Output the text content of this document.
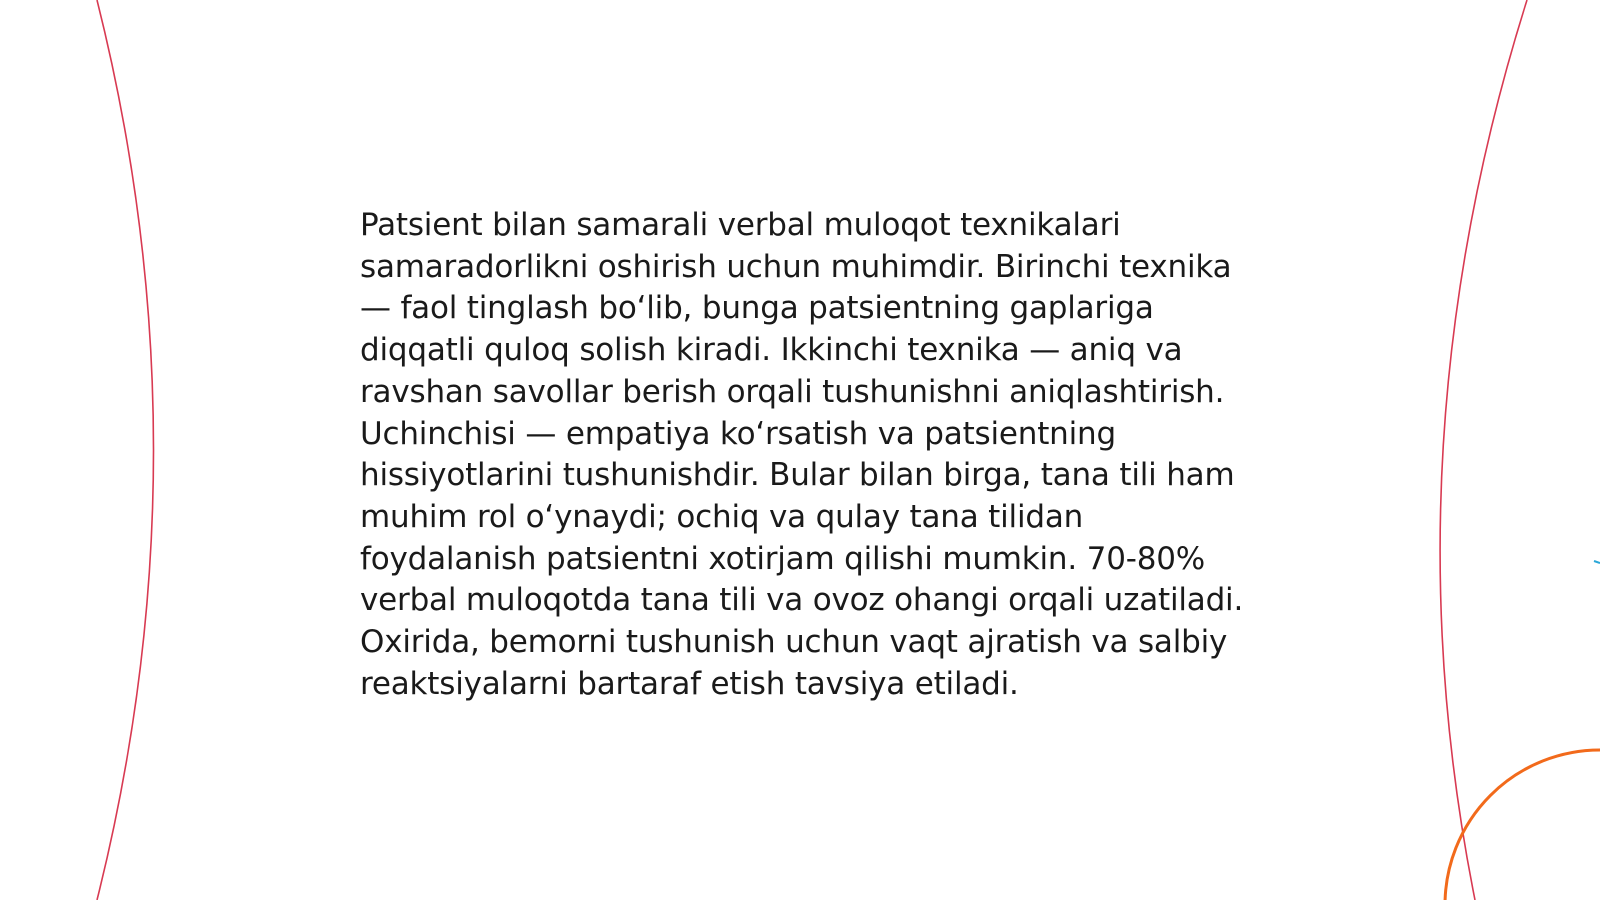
Patsient bilan samarali verbal muloqot texnikalari samaradorlikni oshirish uchun muhimdir. Birinchi texnika — faol tinglash bo‘lib, bunga patsientning gaplariga diqqatli quloq solish kiradi. Ikkinchi texnika — aniq va ravshan savollar berish orqali tushunishni aniqlashtirish. Uchinchisi — empatiya ko‘rsatish va patsientning hissiyotlarini tushunishdir. Bular bilan birga, tana tili ham muhim rol o‘ynaydi; ochiq va qulay tana tilidan foydalanish patsientni xotirjam qilishi mumkin. 70-80% verbal muloqotda tana tili va ovoz ohangi orqali uzatiladi. Oxirida, bemorni tushunish uchun vaqt ajratish va salbiy reaktsiyalarni bartaraf etish tavsiya etiladi.
